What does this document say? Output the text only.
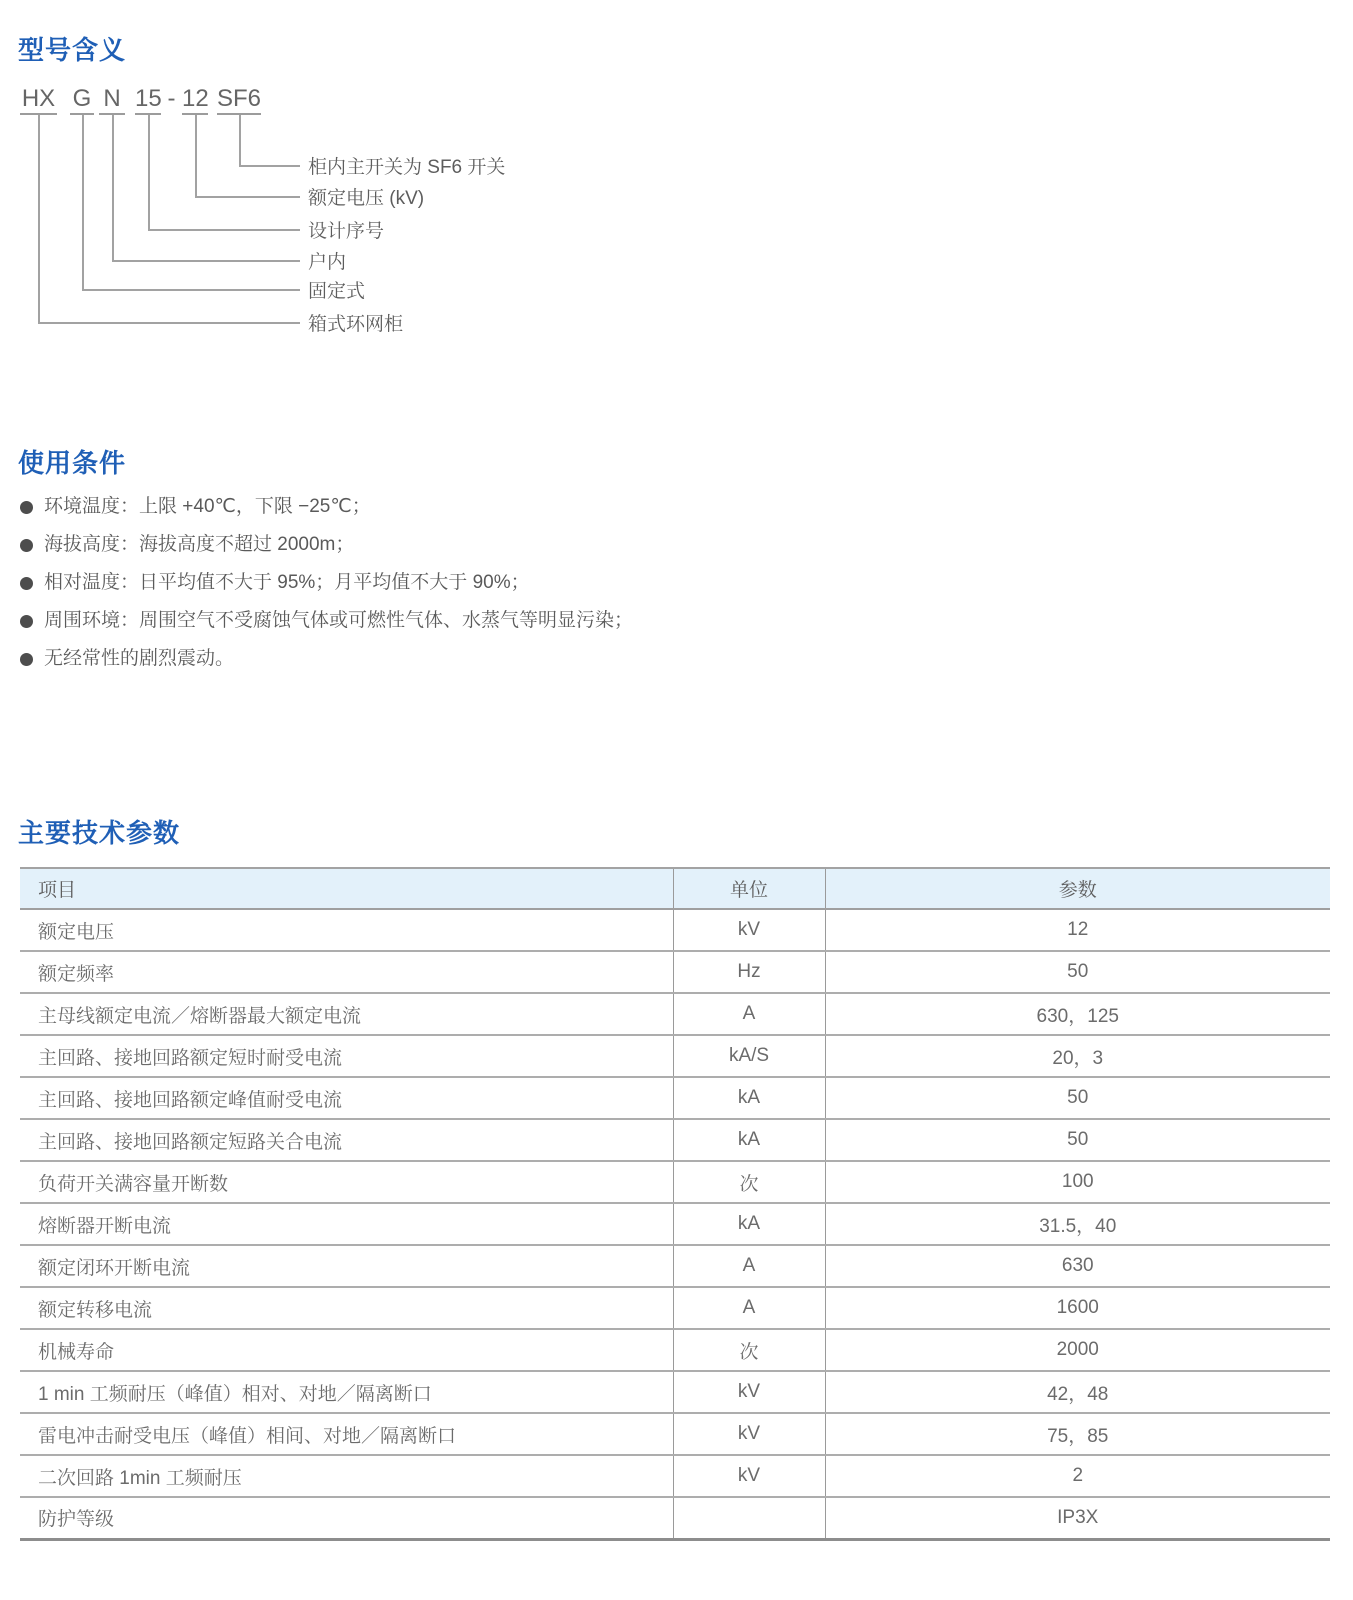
型号含义
HX
箱式环网柜
G
固定式
N
户内
15
设计序号
12
额定电压 (kV)
SF6
柜内主开关为 SF6 开关
-
使用条件
环境温度：上限 +40℃，下限 −25℃；
海拔高度：海拔高度不超过 2000m；
相对温度：日平均值不大于 95%；月平均值不大于 90%；
周围环境：周围空气不受腐蚀气体或可燃性气体、水蒸气等明显污染；
无经常性的剧烈震动。
主要技术参数
项目	单位	参数
额定电压	kV	12
额定频率	Hz	50
主母线额定电流／熔断器最大额定电流	A	630，125
主回路、接地回路额定短时耐受电流	kA/S	20，3
主回路、接地回路额定峰值耐受电流	kA	50
主回路、接地回路额定短路关合电流	kA	50
负荷开关满容量开断数	次	100
熔断器开断电流	kA	31.5，40
额定闭环开断电流	A	630
额定转移电流	A	1600
机械寿命	次	2000
1 min 工频耐压（峰值）相对、对地／隔离断口	kV	42，48
雷电冲击耐受电压（峰值）相间、对地／隔离断口	kV	75，85
二次回路 1min 工频耐压	kV	2
防护等级		IP3X
